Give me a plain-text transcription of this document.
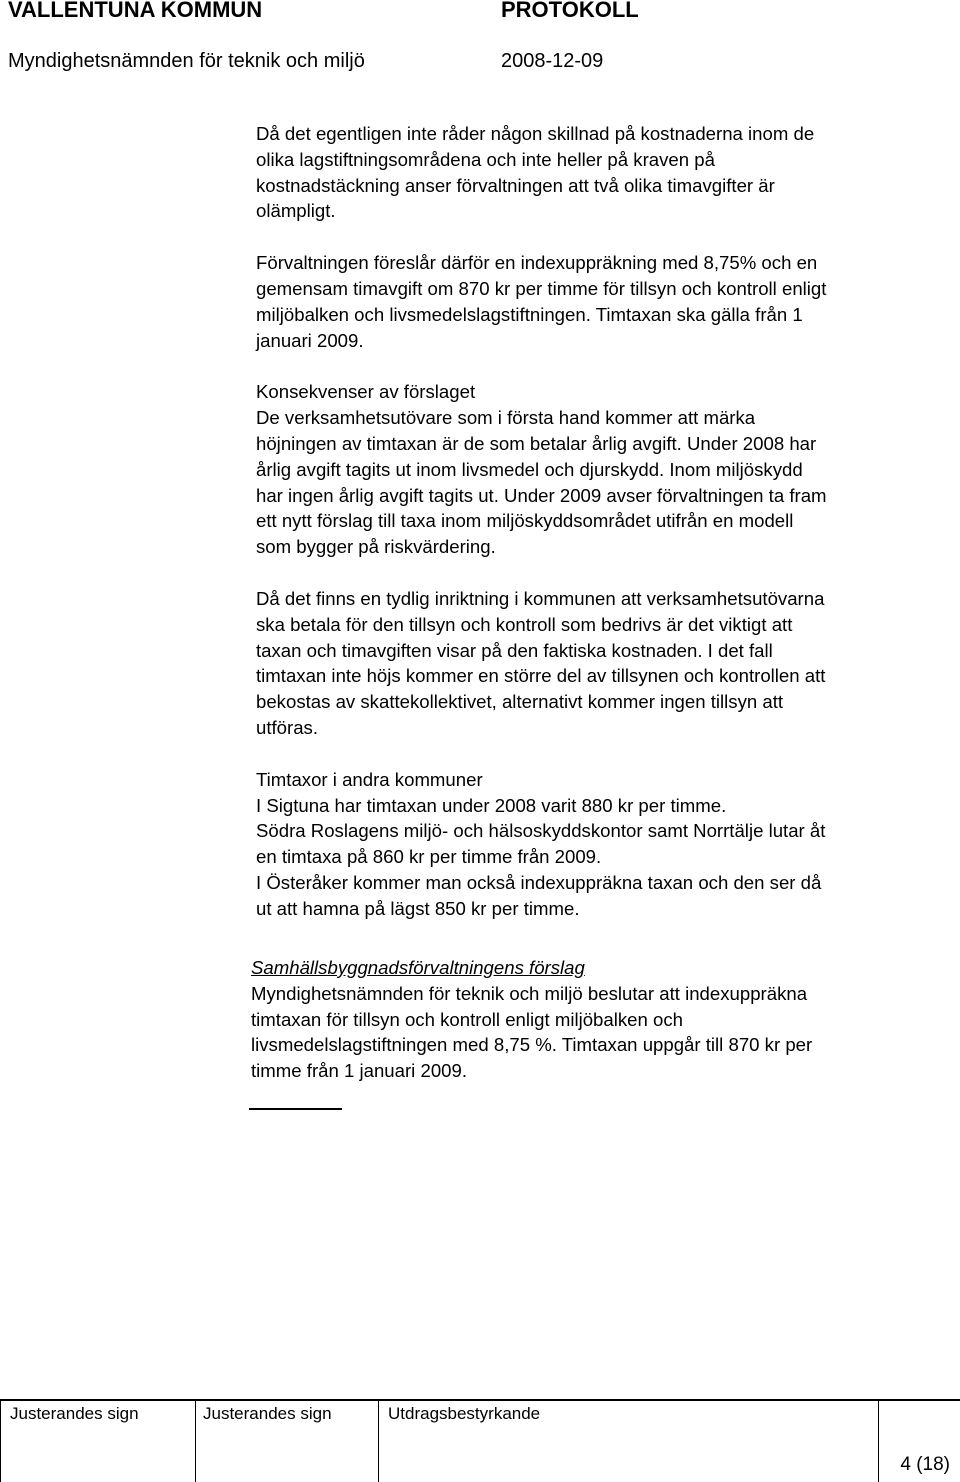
VALLENTUNA KOMMUN	PROTOKOLL
Myndighetsnämnden för teknik och miljö	2008-12-09

Då det egentligen inte råder någon skillnad på kostnaderna inom de
olika lagstiftningsområdena och inte heller på kraven på
kostnadstäckning anser förvaltningen att två olika timavgifter är
olämpligt.

Förvaltningen föreslår därför en indexuppräkning med 8,75% och en
gemensam timavgift om 870 kr per timme för tillsyn och kontroll enligt
miljöbalken och livsmedelslagstiftningen. Timtaxan ska gälla från 1
januari 2009.

Konsekvenser av förslaget
De verksamhetsutövare som i första hand kommer att märka
höjningen av timtaxan är de som betalar årlig avgift. Under 2008 har
årlig avgift tagits ut inom livsmedel och djurskydd. Inom miljöskydd
har ingen årlig avgift tagits ut. Under 2009 avser förvaltningen ta fram
ett nytt förslag till taxa inom miljöskyddsområdet utifrån en modell
som bygger på riskvärdering.

Då det finns en tydlig inriktning i kommunen att verksamhetsutövarna
ska betala för den tillsyn och kontroll som bedrivs är det viktigt att
taxan och timavgiften visar på den faktiska kostnaden. I det fall
timtaxan inte höjs kommer en större del av tillsynen och kontrollen att
bekostas av skattekollektivet, alternativt kommer ingen tillsyn att
utföras.

Timtaxor i andra kommuner
I Sigtuna har timtaxan under 2008 varit 880 kr per timme.
Södra Roslagens miljö- och hälsoskyddskontor samt Norrtälje lutar åt
en timtaxa på 860 kr per timme från 2009.
I Österåker kommer man också indexuppräkna taxan och den ser då
ut att hamna på lägst 850 kr per timme.

Samhällsbyggnadsförvaltningens förslag
Myndighetsnämnden för teknik och miljö beslutar att indexuppräkna
timtaxan för tillsyn och kontroll enligt miljöbalken och
livsmedelslagstiftningen med 8,75 %. Timtaxan uppgår till 870 kr per
timme från 1 januari 2009.
Justerandes sign	Justerandes sign	Utdragsbestyrkande
4 (18)
